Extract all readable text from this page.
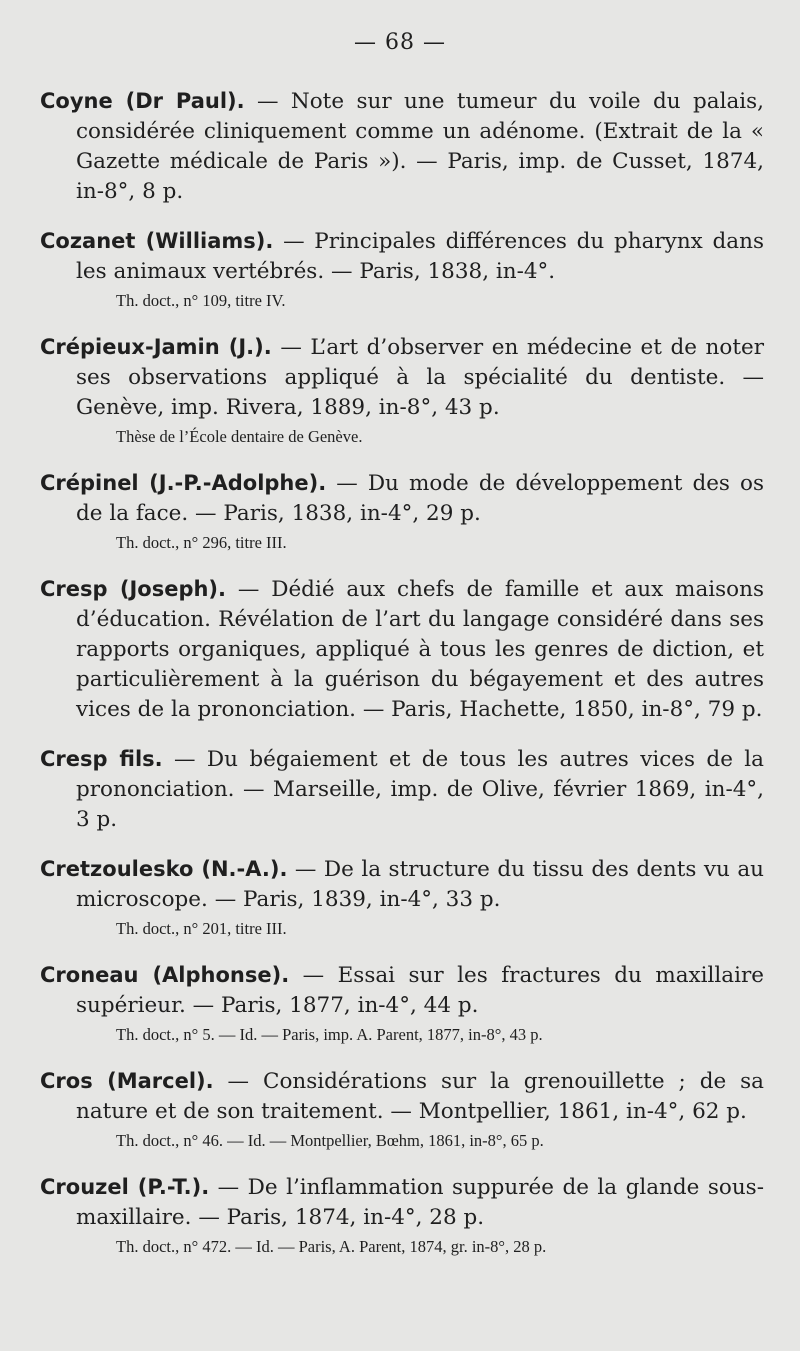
— 68 —

Coyne (Dr Paul). — Note sur une tumeur du voile du palais, considérée cliniquement comme un adénome. (Extrait de la « Gazette médicale de Paris »). — Paris, imp. de Cusset, 1874, in-8°, 8 p.

Cozanet (Williams). — Principales différences du pharynx dans les animaux vertébrés. — Paris, 1838, in-4°.

Th. doct., n° 109, titre IV.

Crépieux-Jamin (J.). — L’art d’observer en médecine et de noter ses observations appliqué à la spécialité du dentiste. — Genève, imp. Rivera, 1889, in-8°, 43 p.

Thèse de l’École dentaire de Genève.

Crépinel (J.-P.-Adolphe). — Du mode de développement des os de la face. — Paris, 1838, in-4°, 29 p.

Th. doct., n° 296, titre III.

Cresp (Joseph). — Dédié aux chefs de famille et aux maisons d’éducation. Révélation de l’art du langage considéré dans ses rapports organiques, appliqué à tous les genres de diction, et particulièrement à la guérison du bégayement et des autres vices de la prononciation. — Paris, Hachette, 1850, in-8°, 79 p.

Cresp fils. — Du bégaiement et de tous les autres vices de la prononciation. — Marseille, imp. de Olive, février 1869, in-4°, 3 p.

Cretzoulesko (N.-A.). — De la structure du tissu des dents vu au microscope. — Paris, 1839, in-4°, 33 p.

Th. doct., n° 201, titre III.

Croneau (Alphonse). — Essai sur les fractures du maxillaire supérieur. — Paris, 1877, in-4°, 44 p.

Th. doct., n° 5. — Id. — Paris, imp. A. Parent, 1877, in-8°, 43 p.

Cros (Marcel). — Considérations sur la grenouillette ; de sa nature et de son traitement. — Montpellier, 1861, in-4°, 62 p.

Th. doct., n° 46. — Id. — Montpellier, Bœhm, 1861, in-8°, 65 p.

Crouzel (P.-T.). — De l’inflammation suppurée de la glande sous-maxillaire. — Paris, 1874, in-4°, 28 p.

Th. doct., n° 472. — Id. — Paris, A. Parent, 1874, gr. in-8°, 28 p.
